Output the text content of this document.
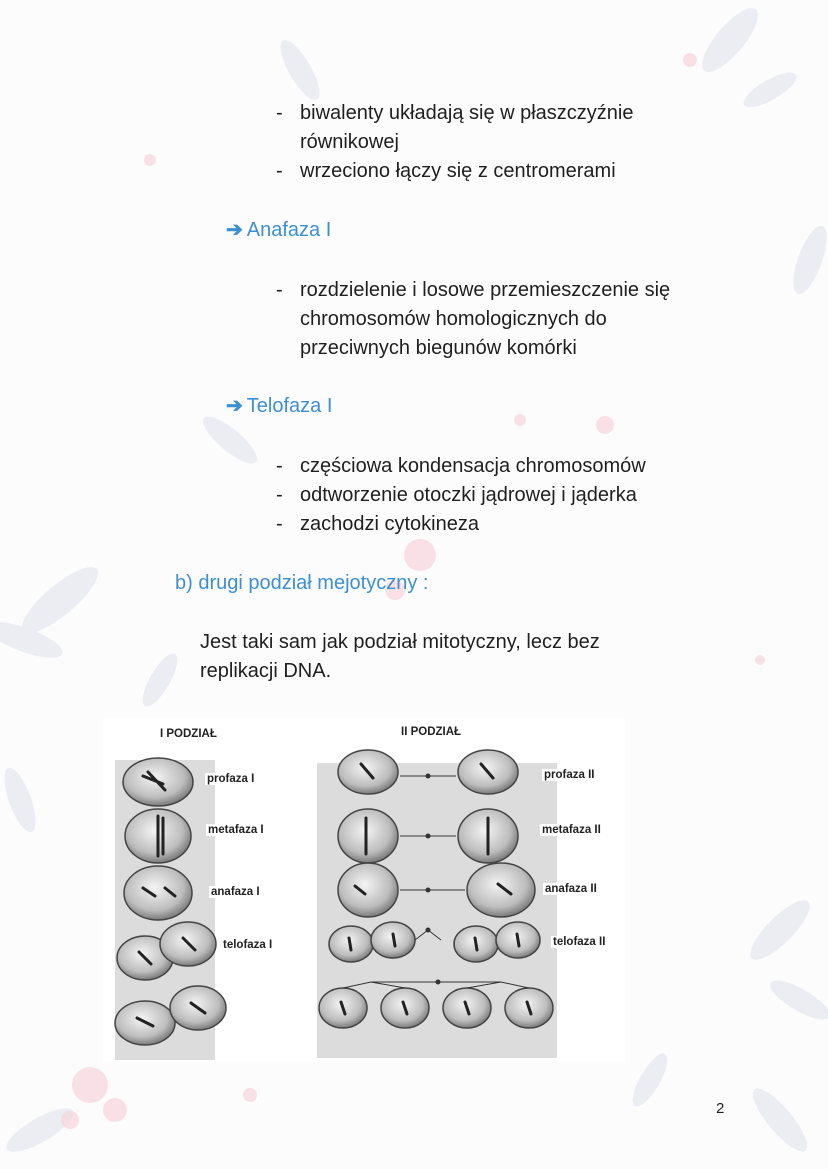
- biwalenty układają się w płaszczyźnie
równikowej
- wrzeciono łączy się z centromerami
➔ Anafaza I
- rozdzielenie i losowe przemieszczenie się
chromosomów homologicznych do
przeciwnych biegunów komórki
➔ Telofaza I
- częściowa kondensacja chromosomów
- odtworzenie otoczki jądrowej i jąderka
- zachodzi cytokineza
b) drugi podział mejotyczny :
Jest taki sam jak podział mitotyczny, lecz bez
replikacji DNA.
I PODZIAŁ	II PODZIAŁ
profaza I
metafaza I
anafaza I
telofaza I
profaza II
metafaza II
anafaza II
telofaza II
2
